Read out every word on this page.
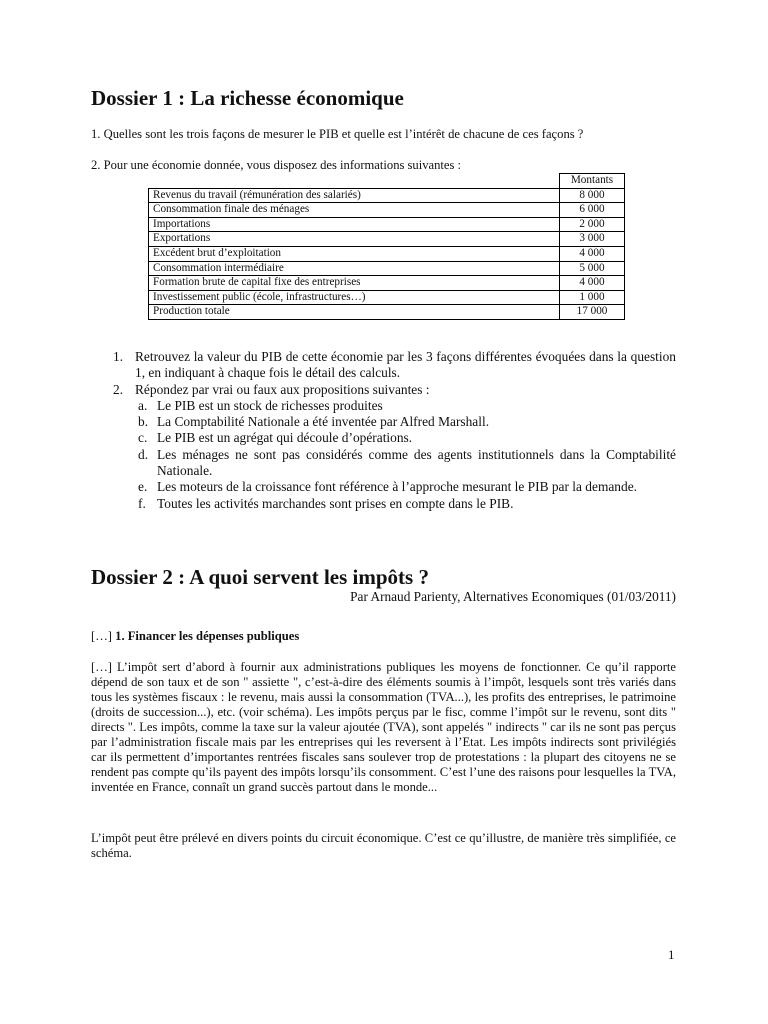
Dossier 1 : La richesse économique
1. Quelles sont les trois façons de mesurer le PIB et quelle est l’intérêt de chacune de ces façons ?
2. Pour une économie donnée, vous disposez des informations suivantes :
	Montants
Revenus du travail (rémunération des salariés)	8 000
Consommation finale des ménages	6 000
Importations	2 000
Exportations	3 000
Excédent brut d’exploitation	4 000
Consommation intermédiaire	5 000
Formation brute de capital fixe des entreprises	4 000
Investissement public (école, infrastructures…)	1 000
Production totale	17 000
1. Retrouvez la valeur du PIB de cette économie par les 3 façons différentes évoquées dans la question 1, en indiquant à chaque fois le détail des calculs.
2. Répondez par vrai ou faux aux propositions suivantes :
a. Le PIB est un stock de richesses produites
b. La Comptabilité Nationale a été inventée par Alfred Marshall.
c. Le PIB est un agrégat qui découle d’opérations.
d. Les ménages ne sont pas considérés comme des agents institutionnels dans la Comptabilité Nationale.
e. Les moteurs de la croissance font référence à l’approche mesurant le PIB par la demande.
f. Toutes les activités marchandes sont prises en compte dans le PIB.
Dossier 2 : A quoi servent les impôts ?
Par Arnaud Parienty, Alternatives Economiques (01/03/2011)
[…] 1. Financer les dépenses publiques
[…] L’impôt sert d’abord à fournir aux administrations publiques les moyens de fonctionner. Ce qu’il rapporte dépend de son taux et de son " assiette ", c’est-à-dire des éléments soumis à l’impôt, lesquels sont très variés dans tous les systèmes fiscaux : le revenu, mais aussi la consommation (TVA...), les profits des entreprises, le patrimoine (droits de succession...), etc. (voir schéma). Les impôts perçus par le fisc, comme l’impôt sur le revenu, sont dits " directs ". Les impôts, comme la taxe sur la valeur ajoutée (TVA), sont appelés " indirects " car ils ne sont pas perçus par l’administration fiscale mais par les entreprises qui les reversent à l’Etat. Les impôts indirects sont privilégiés car ils permettent d’importantes rentrées fiscales sans soulever trop de protestations : la plupart des citoyens ne se rendent pas compte qu’ils payent des impôts lorsqu’ils consomment. C’est l’une des raisons pour lesquelles la TVA, inventée en France, connaît un grand succès partout dans le monde...
L’impôt peut être prélevé en divers points du circuit économique. C’est ce qu’illustre, de manière très simplifiée, ce schéma.
1
